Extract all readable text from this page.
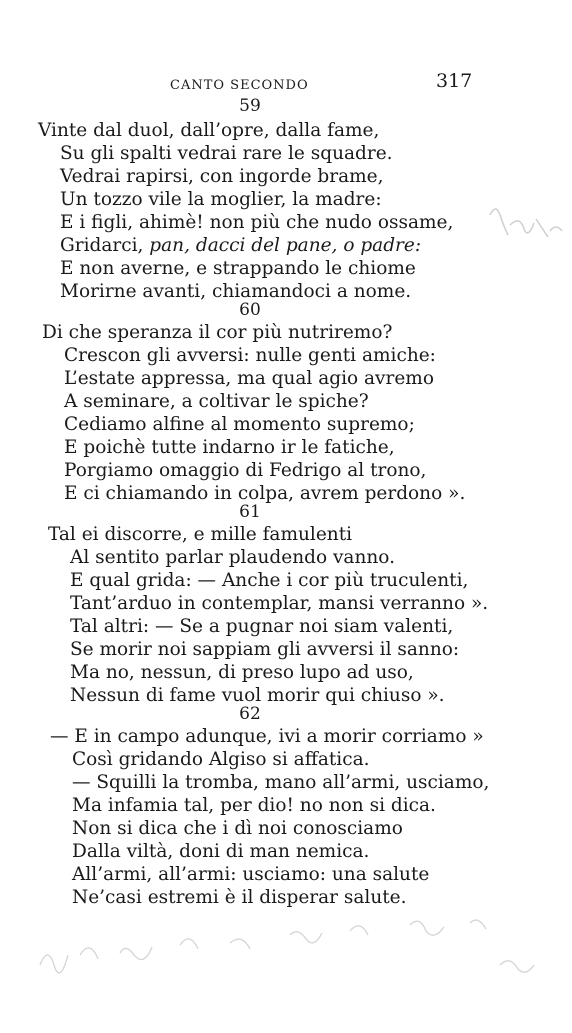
CANTO SECONDO	317
59
Vinte dal duol, dall’opre, dalla fame,
Su gli spalti vedrai rare le squadre.
Vedrai rapirsi, con ingorde brame,
Un tozzo vile la moglier, la madre:
E i figli, ahimè! non più che nudo ossame,
Gridarci, pan, dacci del pane, o padre:
E non averne, e strappando le chiome
Morirne avanti, chiamandoci a nome.
60
Di che speranza il cor più nutriremo?
Crescon gli avversi: nulle genti amiche:
L’estate appressa, ma qual agio avremo
A seminare, a coltivar le spiche?
Cediamo alfine al momento supremo;
E poichè tutte indarno ir le fatiche,
Porgiamo omaggio di Fedrigo al trono,
E ci chiamando in colpa, avrem perdono ».
61
Tal ei discorre, e mille famulenti
Al sentito parlar plaudendo vanno.
E qual grida: — Anche i cor più truculenti,
Tant’arduo in contemplar, mansi verranno ».
Tal altri: — Se a pugnar noi siam valenti,
Se morir noi sappiam gli avversi il sanno:
Ma no, nessun, di preso lupo ad uso,
Nessun di fame vuol morir qui chiuso ».
62
— E in campo adunque, ivi a morir corriamo »
Così gridando Algiso si affatica.
— Squilli la tromba, mano all’armi, usciamo,
Ma infamia tal, per dio! no non si dica.
Non si dica che i dì noi conosciamo
Dalla viltà, doni di man nemica.
All’armi, all’armi: usciamo: una salute
Ne’casi estremi è il disperar salute.
